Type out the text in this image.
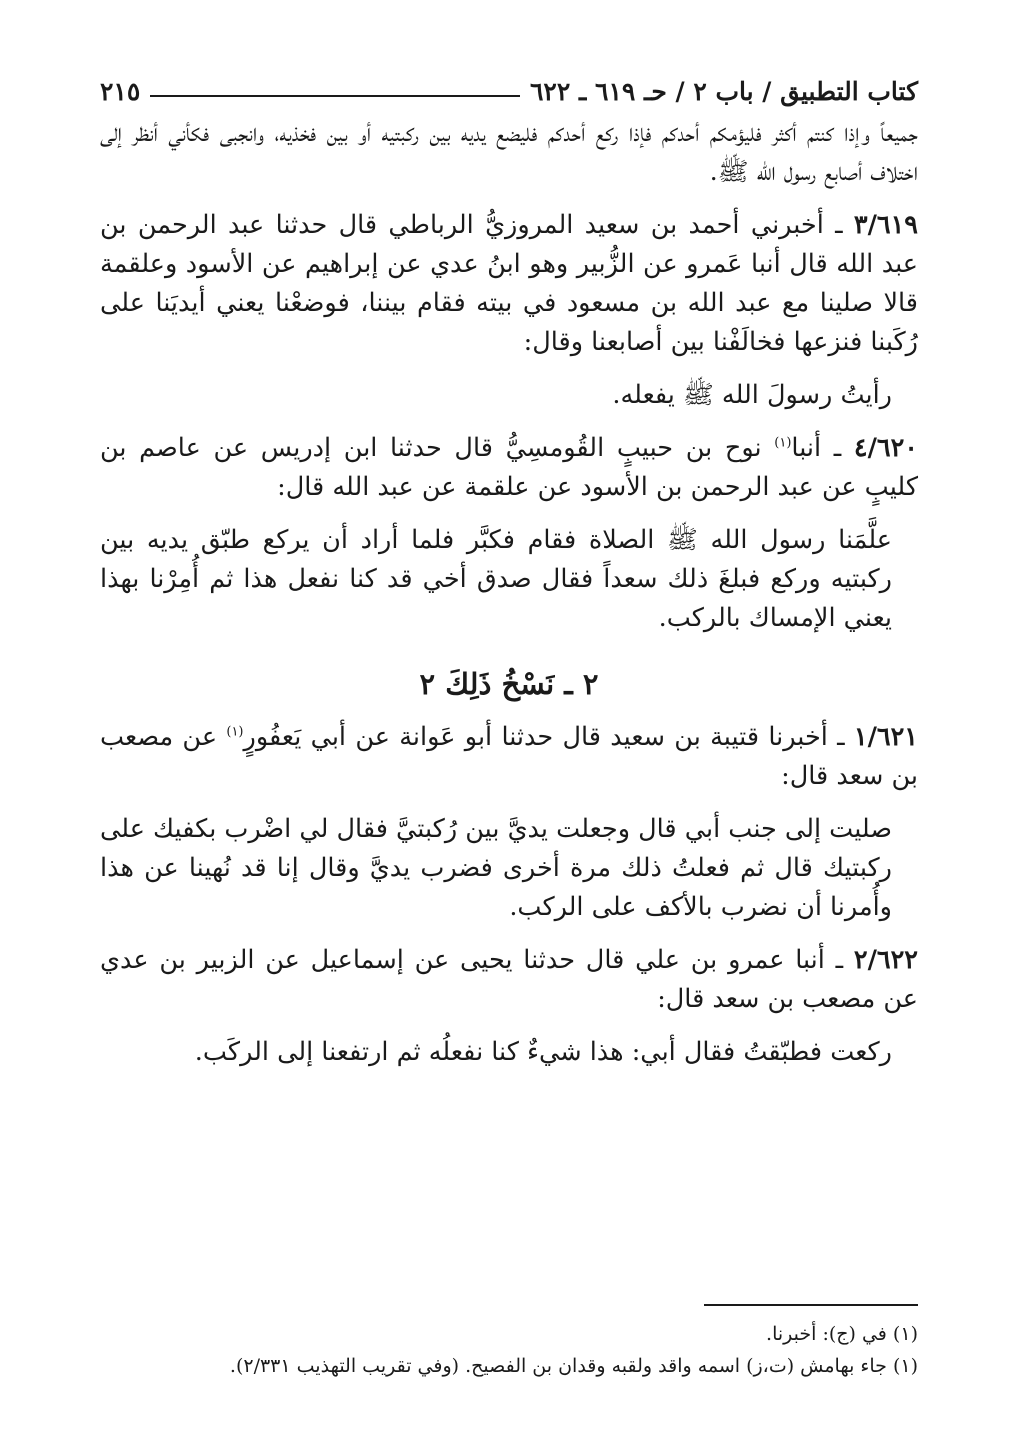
كتاب التطبيق / باب ٢ / حـ ٦١٩ ـ ٦٢٢
٢١٥

جميعاً وإذا كنتم أكثر فليؤمكم أحدكم فإذا ركع أحدكم فليضع يديه بين ركبتيه أو بين فخذيه، وانجبى فكأني أنظر إلى اختلاف أصابع رسول الله ﷺ.

٣/٦١٩ ـ أخبرني أحمد بن سعيد المروزيُّ الرباطي قال حدثنا عبد الرحمن بن عبد الله قال أنبا عَمرو عن الزُّبير وهو ابنُ عدي عن إبراهيم عن الأسود وعلقمة قالا صلينا مع عبد الله بن مسعود في بيته فقام بيننا، فوضعْنا يعني أيديَنا على رُكَبنا فنزعها فخالَفْنا بين أصابعنا وقال:

رأيتُ رسولَ الله ﷺ يفعله.

٤/٦٢٠ ـ أنبا$^{(١)}$ نوح بن حبيبٍ القُومسِيُّ قال حدثنا ابن إدريس عن عاصم بن كليبٍ عن عبد الرحمن بن الأسود عن علقمة عن عبد الله قال:

علَّمَنا رسول الله ﷺ الصلاة فقام فكبَّر فلما أراد أن يركع طبّق يديه بين ركبتيه وركع فبلغَ ذلك سعداً فقال صدق أخي قد كنا نفعل هذا ثم أُمِرْنا بهذا يعني الإمساك بالركب.

٢ ـ نَسْخُ ذَلِكَ ٢

١/٦٢١ ـ أخبرنا قتيبة بن سعيد قال حدثنا أبو عَوانة عن أبي يَعفُورٍ$^{(١)}$ عن مصعب بن سعد قال:

صليت إلى جنب أبي قال وجعلت يديَّ بين رُكبتيَّ فقال لي اضْرب بكفيك على ركبتيك قال ثم فعلتُ ذلك مرة أخرى فضرب يديَّ وقال إنا قد نُهينا عن هذا وأُمرنا أن نضرب بالأكف على الركب.

٢/٦٢٢ ـ أنبا عمرو بن علي قال حدثنا يحيى عن إسماعيل عن الزبير بن عدي عن مصعب بن سعد قال:

ركعت فطبّقتُ فقال أبي: هذا شيءٌ كنا نفعلُه ثم ارتفعنا إلى الركَب.

(١) في (ج): أخبرنا.

(١) جاء بهامش (ت،ز) اسمه واقد ولقبه وقدان بن الفصيح. (وفي تقريب التهذيب ٢/٣٣١).
